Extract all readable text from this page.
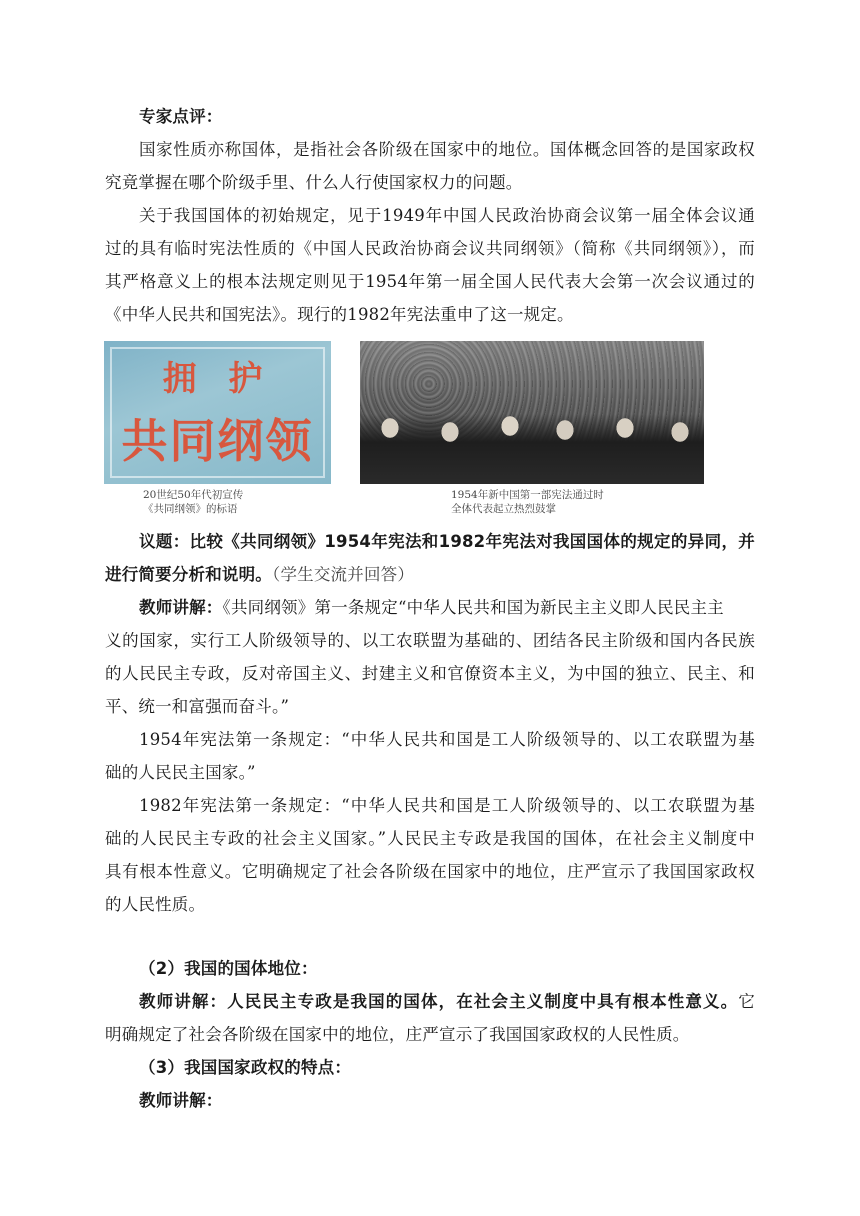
专家点评：
国家性质亦称国体，是指社会各阶级在国家中的地位。国体概念回答的是国家政权
究竟掌握在哪个阶级手里、什么人行使国家权力的问题。
关于我国国体的初始规定，见于1949年中国人民政治协商会议第一届全体会议通
过的具有临时宪法性质的《中国人民政治协商会议共同纲领》（简称《共同纲领》），而
其严格意义上的根本法规定则见于1954年第一届全国人民代表大会第一次会议通过的
《中华人民共和国宪法》。现行的1982年宪法重申了这一规定。
拥 护
共同纲领
20世纪50年代初宣传
《共同纲领》的标语
1954年新中国第一部宪法通过时
全体代表起立热烈鼓掌
议题：比较《共同纲领》1954年宪法和1982年宪法对我国国体的规定的异同，并
进行简要分析和说明。（学生交流并回答）
教师讲解：《共同纲领》第一条规定“中华人民共和国为新民主主义即人民民主主
义的国家，实行工人阶级领导的、以工农联盟为基础的、团结各民主阶级和国内各民族
的人民民主专政，反对帝国主义、封建主义和官僚资本主义，为中国的独立、民主、和
平、统一和富强而奋斗。”
1954年宪法第一条规定：“中华人民共和国是工人阶级领导的、以工农联盟为基
础的人民民主国家。”
1982年宪法第一条规定：“中华人民共和国是工人阶级领导的、以工农联盟为基
础的人民民主专政的社会主义国家。”人民民主专政是我国的国体，在社会主义制度中
具有根本性意义。它明确规定了社会各阶级在国家中的地位，庄严宣示了我国国家政权
的人民性质。
（2）我国的国体地位：
教师讲解：人民民主专政是我国的国体，在社会主义制度中具有根本性意义。它
明确规定了社会各阶级在国家中的地位，庄严宣示了我国国家政权的人民性质。
（3）我国国家政权的特点：
教师讲解：
